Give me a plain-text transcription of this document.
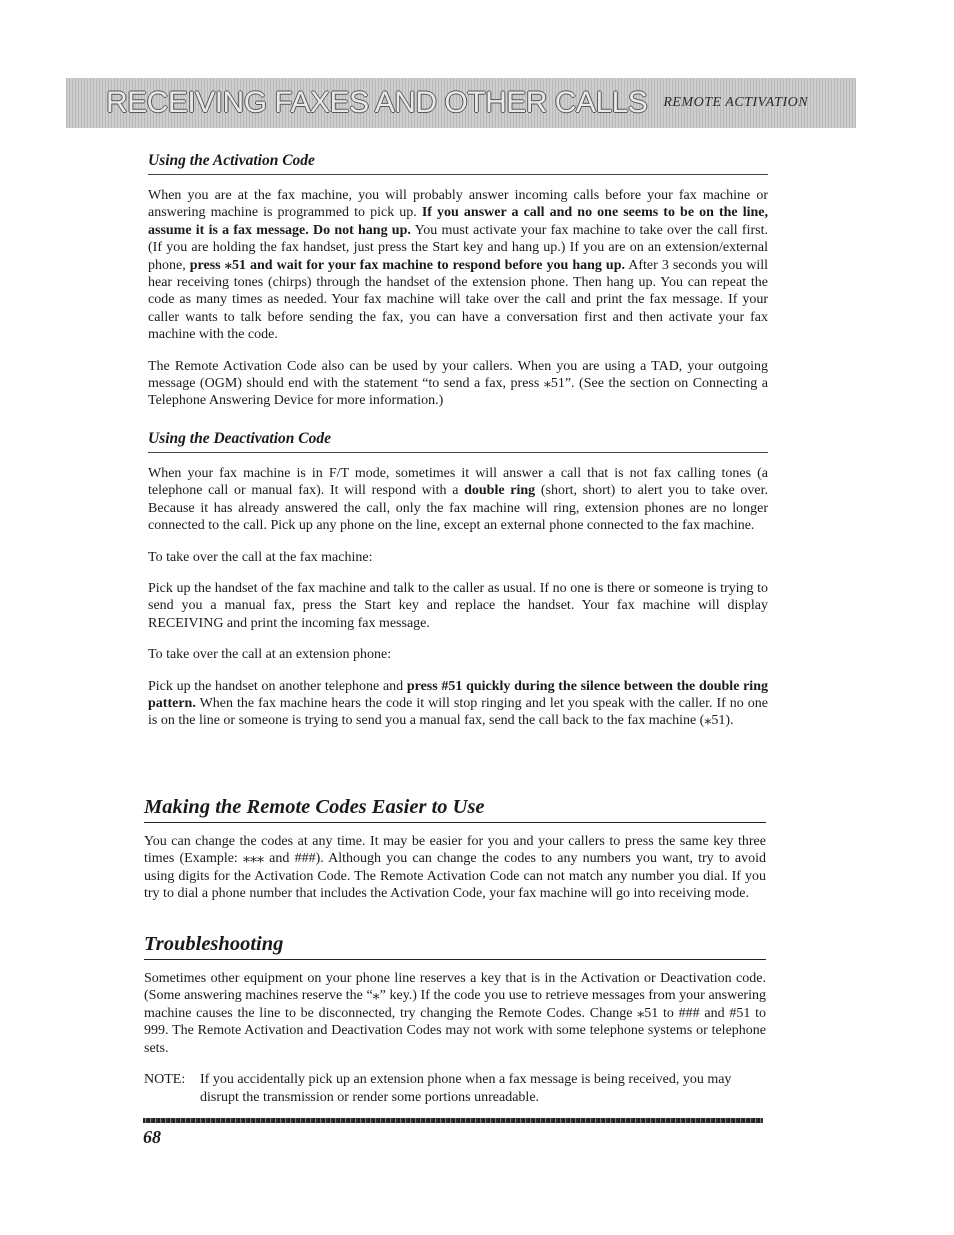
RECEIVING FAXES AND OTHER CALLS REMOTE ACTIVATION
Using the Activation Code

When you are at the fax machine, you will probably answer incoming calls before your fax machine or answering machine is programmed to pick up. If you answer a call and no one seems to be on the line, assume it is a fax message. Do not hang up. You must activate your fax machine to take over the call first. (If you are holding the fax handset, just press the Start key and hang up.) If you are on an extension/external phone, press ⁎51 and wait for your fax machine to respond before you hang up. After 3 seconds you will hear receiving tones (chirps) through the handset of the extension phone. Then hang up. You can repeat the code as many times as needed. Your fax machine will take over the call and print the fax message. If your caller wants to talk before sending the fax, you can have a conversation first and then activate your fax machine with the code.

The Remote Activation Code also can be used by your callers. When you are using a TAD, your outgoing message (OGM) should end with the statement “to send a fax, press ⁎51”. (See the section on Connecting a Telephone Answering Device for more information.)

Using the Deactivation Code

When your fax machine is in F/T mode, sometimes it will answer a call that is not fax calling tones (a telephone call or manual fax). It will respond with a double ring (short, short) to alert you to take over. Because it has already answered the call, only the fax machine will ring, extension phones are no longer connected to the call. Pick up any phone on the line, except an external phone connected to the fax machine.

To take over the call at the fax machine:

Pick up the handset of the fax machine and talk to the caller as usual. If no one is there or someone is trying to send you a manual fax, press the Start key and replace the handset. Your fax machine will display RECEIVING and print the incoming fax message.

To take over the call at an extension phone:

Pick up the handset on another telephone and press #51 quickly during the silence between the double ring pattern. When the fax machine hears the code it will stop ringing and let you speak with the caller. If no one is on the line or someone is trying to send you a manual fax, send the call back to the fax machine (⁎51).

Making the Remote Codes Easier to Use

You can change the codes at any time. It may be easier for you and your callers to press the same key three times (Example: ⁎⁎⁎ and ###). Although you can change the codes to any numbers you want, try to avoid using digits for the Activation Code. The Remote Activation Code can not match any number you dial. If you try to dial a phone number that includes the Activation Code, your fax machine will go into receiving mode.

Troubleshooting

Sometimes other equipment on your phone line reserves a key that is in the Activation or Deactivation code. (Some answering machines reserve the “⁎” key.) If the code you use to retrieve messages from your answering machine causes the line to be disconnected, try changing the Remote Codes. Change ⁎51 to ### and #51 to 999. The Remote Activation and Deactivation Codes may not work with some telephone systems or telephone sets.

NOTE:	If you accidentally pick up an extension phone when a fax message is being received, you may disrupt the transmission or render some portions unreadable.
68
